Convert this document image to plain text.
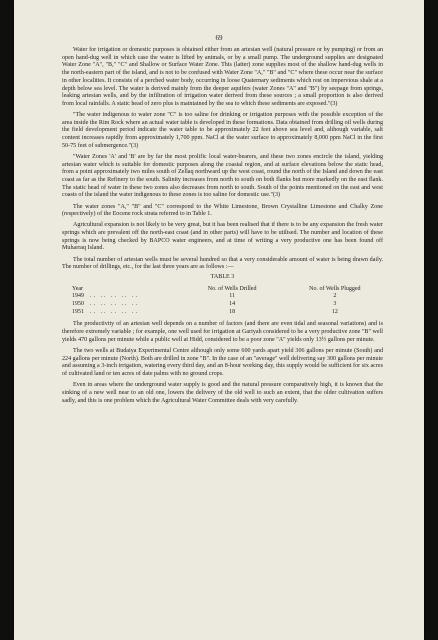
69

Water for irrigation or domestic purposes is obtained either from an artesian well (natural pressure or by pumping) or from an open hand-dug well in which case the water is lifted by animals, or by a small pump. The underground supplies are designated Water Zone "A", "B," "C" and Shallow or Surface Water Zone. This (latter) zone supplies most of the shallow hand-dug wells in the north-eastern part of the island, and is not to be confused with Water Zone "A," "B" and "C" where these occur near the surface in other localities. It consists of a perched water body, occurring in loose Quaternary sediments which rest on impervious shale at a depth below sea level. The water is derived mainly from the deeper aquifers (water Zones "A" and "B") by seepage from springs, leaking artesian wells, and by the infiltration of irrigation water derived from these sources ; a small proportion is also derived from local rainfalls. A static head of zero plus is maintained by the sea to which these sediments are exposed."(3)

"The water indigenous to water zone "C" is too saline for drinking or irrigation purposes with the possible exception of the area inside the Rim Rock where an actual water table is developed in these formations. Data obtained from drilling oil wells during the field development period indicate the water table to be approximately 22 feet above sea level and, although variable, salt content increases rapidly from approximately 1,700 ppm. NaCl at the water surface to approximately 8,000 ppm NaCl in the first 50-75 feet of submergence."(3)

"Water Zones 'A' and 'B' are by far the most prolific local water-bearers, and these two zones encircle the island, yielding artesian water which is suitable for domestic purposes along the coastal region, and at surface elevations below the static head, from a point approximately two miles south of Zellaq northward up the west coast, round the north of the Island and down the east coast as far as the Refinery to the south. Salinity increases from north to south on both flanks but more markedly on the east flank. The static head of water in these two zones also decreases from north to south. South of the points mentioned on the east and west coasts of the island the water indigenous to these zones is too saline for domestic use."(3)

The water zones "A," "B" and "C" correspond to the White Limestone, Brown Crystalline Limestone and Chalky Zone (respectively) of the Eocene rock strata referred to in Table 1.

Agricultural expansion is not likely to be very great, but it has been realised that if there is to be any expansion the fresh water springs which are prevalent off the north-east coast (and in other parts) will have to be utilised. The number and location of these springs is now being checked by BAPCO water engineers, and at time of writing a very productive one has been found off Muharraq Island.

The total number of artesian wells must be several hundred so that a very considerable amount of water is being drawn daily. The number of drillings, etc., for the last three years are as follows :—

TABLE 3
Year	No. of Wells Drilled	No. of Wells Plugged
1949 .. .. .. .. ..	11	2
1950 .. .. .. .. ..	14	3
1951 .. .. .. .. ..	18	12

The productivity of an artesian well depends on a number of factors (and there are even tidal and seasonal variations) and is therefore extremely variable ; for example, one well used for irrigation at Gariyah considered to be a very productive zone "B" well yields 470 gallons per minute while a public well at Hidd, considered to be a poor zone "A" yields only 13½ gallons per minute.

The two wells at Budaiya Experimental Centre although only some 600 yards apart yield 306 gallons per minute (South) and 224 gallons per minute (North). Both are drilled in zone "B". In the case of an "average" well delivering say 300 gallons per minute and assuming a 3-inch irrigation, watering every third day, and an 8-hour working day, this supply would be sufficient for six acres of cultivated land or ten acres of date palms with no ground crops.

Even in areas where the underground water supply is good and the natural pressure comparatively high, it is known that the sinking of a new well near to an old one, lowers the delivery of the old well to such an extent, that the older cultivation suffers sadly, and this is one problem which the Agricultural Water Committee deals with very carefully.
